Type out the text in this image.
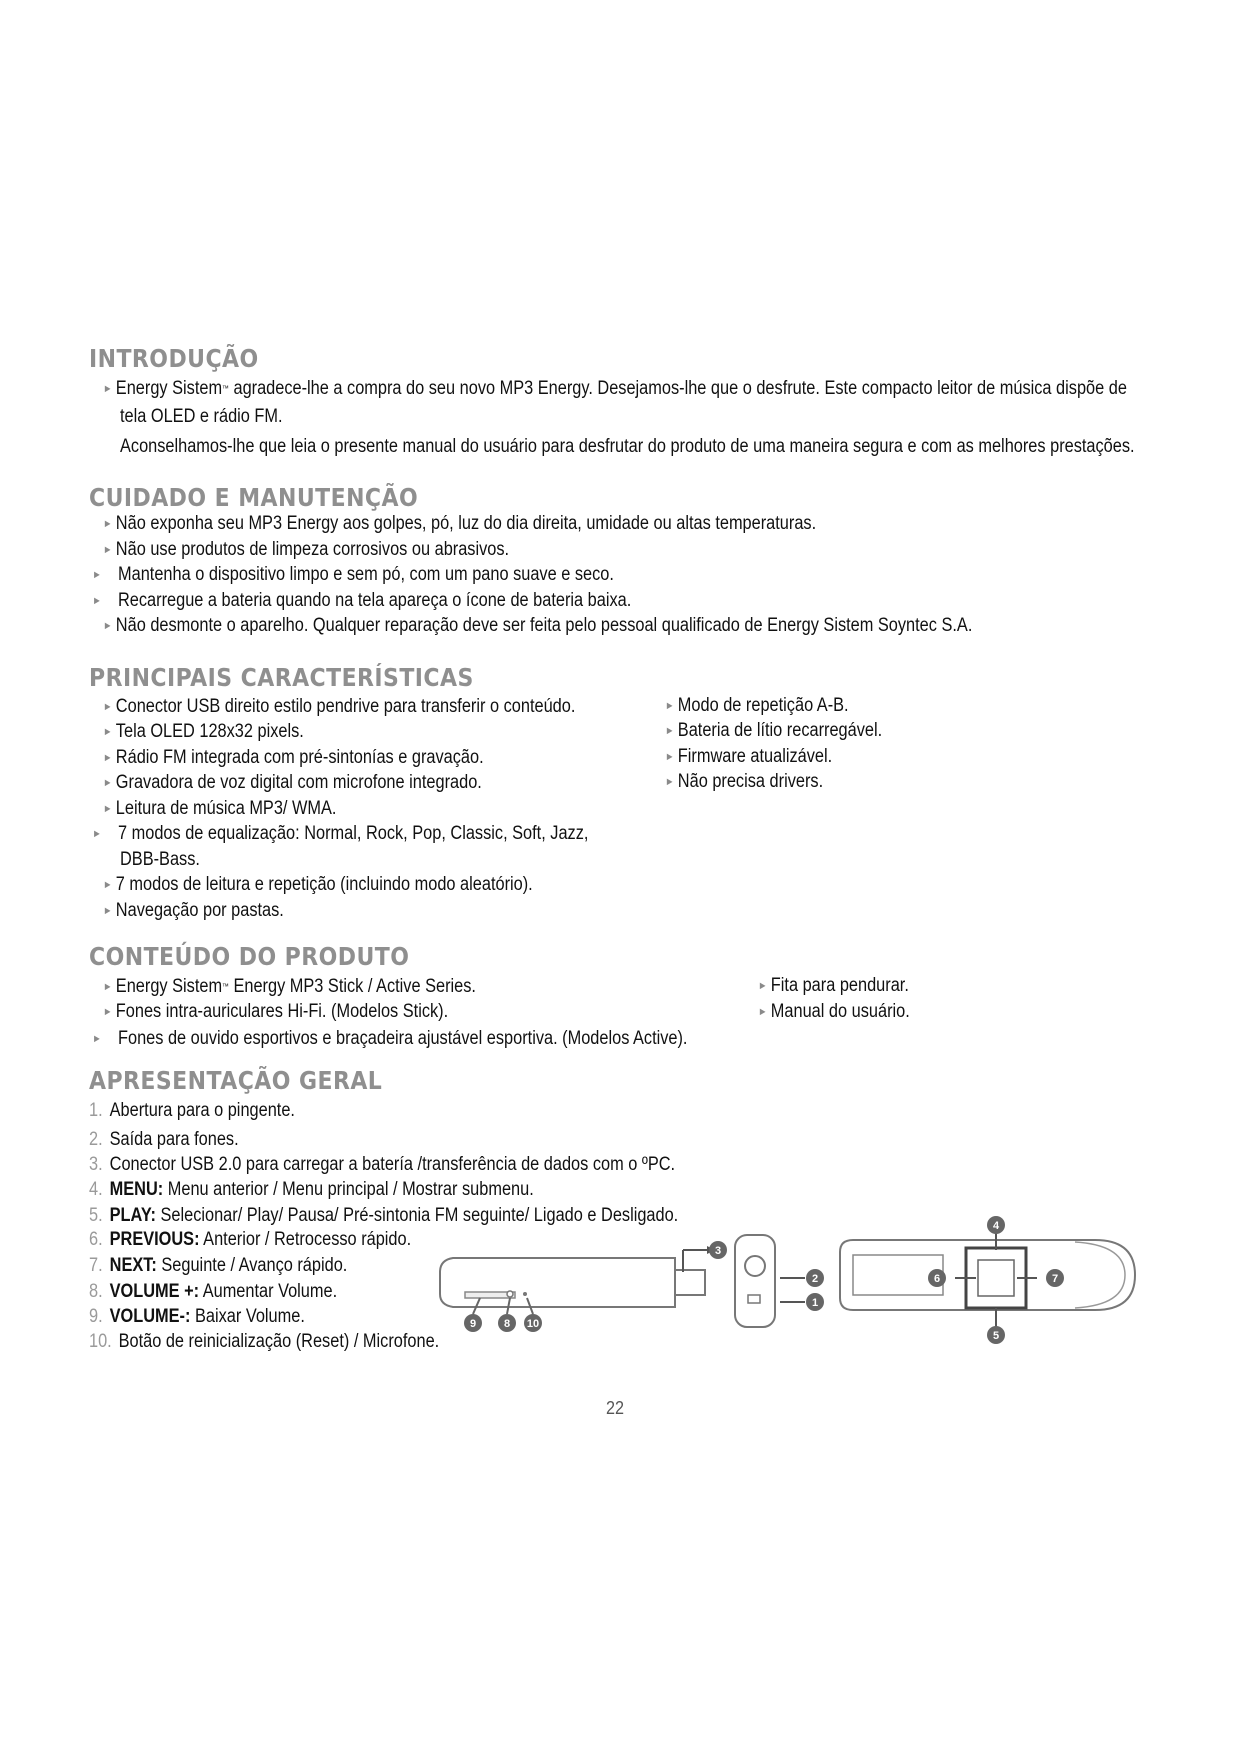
INTRODUÇÃO
► Energy Sistem™ agradece-lhe a compra do seu novo MP3 Energy. Desejamos-lhe que o desfrute. Este compacto leitor de música dispõe de
tela OLED e rádio FM.
Aconselhamos-lhe que leia o presente manual do usuário para desfrutar do produto de uma maneira segura e com as melhores prestações.
CUIDADO E MANUTENÇÃO
► Não exponha seu MP3 Energy aos golpes, pó, luz do dia direita, umidade ou altas temperaturas.
► Não use produtos de limpeza corrosivos ou abrasivos.
► Mantenha o dispositivo limpo e sem pó, com um pano suave e seco.
► Recarregue a bateria quando na tela apareça o ícone de bateria baixa.
► Não desmonte o aparelho. Qualquer reparação deve ser feita pelo pessoal qualificado de Energy Sistem Soyntec S.A.
PRINCIPAIS CARACTERÍSTICAS
► Conector USB direito estilo pendrive para transferir o conteúdo.
► Tela OLED 128x32 pixels.
► Rádio FM integrada com pré-sintonías e gravação.
► Gravadora de voz digital com microfone integrado.
► Leitura de música MP3/ WMA.
► 7 modos de equalização: Normal, Rock, Pop, Classic, Soft, Jazz,
DBB-Bass.
► 7 modos de leitura e repetição (incluindo modo aleatório).
► Navegação por pastas.
► Modo de repetição A-B.
► Bateria de lítio recarregável.
► Firmware atualizável.
► Não precisa drivers.
CONTEÚDO DO PRODUTO
► Energy Sistem™ Energy MP3 Stick / Active Series.
► Fones intra-auriculares Hi-Fi. (Modelos Stick).
► Fones de ouvido esportivos e braçadeira ajustável esportiva. (Modelos Active).
► Fita para pendurar.
► Manual do usuário.
APRESENTAÇÃO GERAL
1. Abertura para o pingente.
2. Saída para fones.
3. Conector USB 2.0 para carregar a batería /transferência de dados com o ºPC.
4. MENU: Menu anterior / Menu principal / Mostrar submenu.
5. PLAY: Selecionar/ Play/ Pausa/ Pré-sintonia FM seguinte/ Ligado e Desligado.
6. PREVIOUS: Anterior / Retrocesso rápido.
7. NEXT: Seguinte / Avanço rápido.
8. VOLUME +: Aumentar Volume.
9. VOLUME-: Baixar Volume.
10. Botão de reinicialização (Reset) / Microfone.
1
2
3
4
5
6	7
8
9	10
22
